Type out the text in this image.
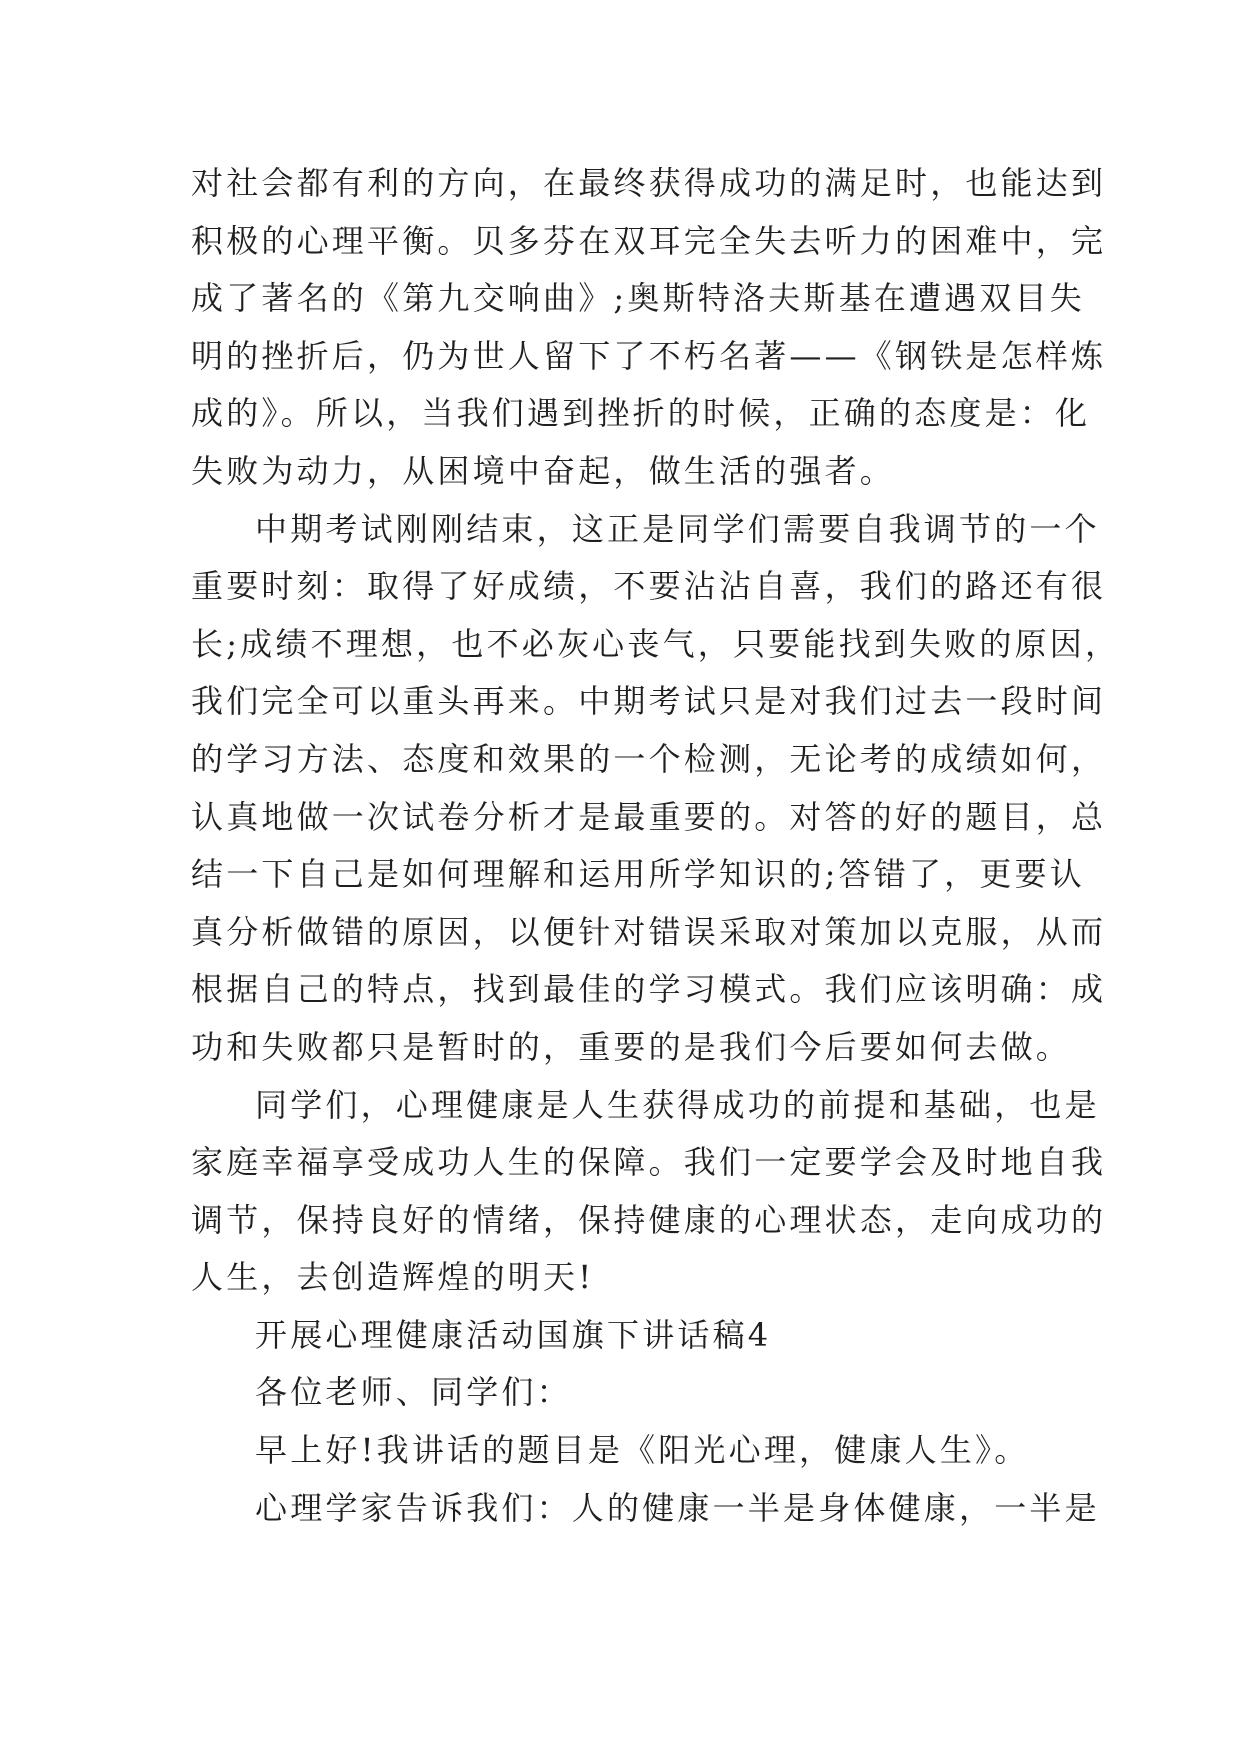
对社会都有利的方向，在最终获得成功的满足时，也能达到
积极的心理平衡。贝多芬在双耳完全失去听力的困难中，完
成了著名的《第九交响曲》;奥斯特洛夫斯基在遭遇双目失
明的挫折后，仍为世人留下了不朽名著——《钢铁是怎样炼
成的》。所以，当我们遇到挫折的时候，正确的态度是：化
失败为动力，从困境中奋起，做生活的强者。
中期考试刚刚结束，这正是同学们需要自我调节的一个
重要时刻：取得了好成绩，不要沾沾自喜，我们的路还有很
长;成绩不理想，也不必灰心丧气，只要能找到失败的原因，
我们完全可以重头再来。中期考试只是对我们过去一段时间
的学习方法、态度和效果的一个检测，无论考的成绩如何，
认真地做一次试卷分析才是最重要的。对答的好的题目，总
结一下自己是如何理解和运用所学知识的;答错了，更要认
真分析做错的原因，以便针对错误采取对策加以克服，从而
根据自己的特点，找到最佳的学习模式。我们应该明确：成
功和失败都只是暂时的，重要的是我们今后要如何去做。
同学们，心理健康是人生获得成功的前提和基础，也是
家庭幸福享受成功人生的保障。我们一定要学会及时地自我
调节，保持良好的情绪，保持健康的心理状态，走向成功的
人生，去创造辉煌的明天!
开展心理健康活动国旗下讲话稿4
各位老师、同学们：
早上好!我讲话的题目是《阳光心理，健康人生》。
心理学家告诉我们：人的健康一半是身体健康，一半是
